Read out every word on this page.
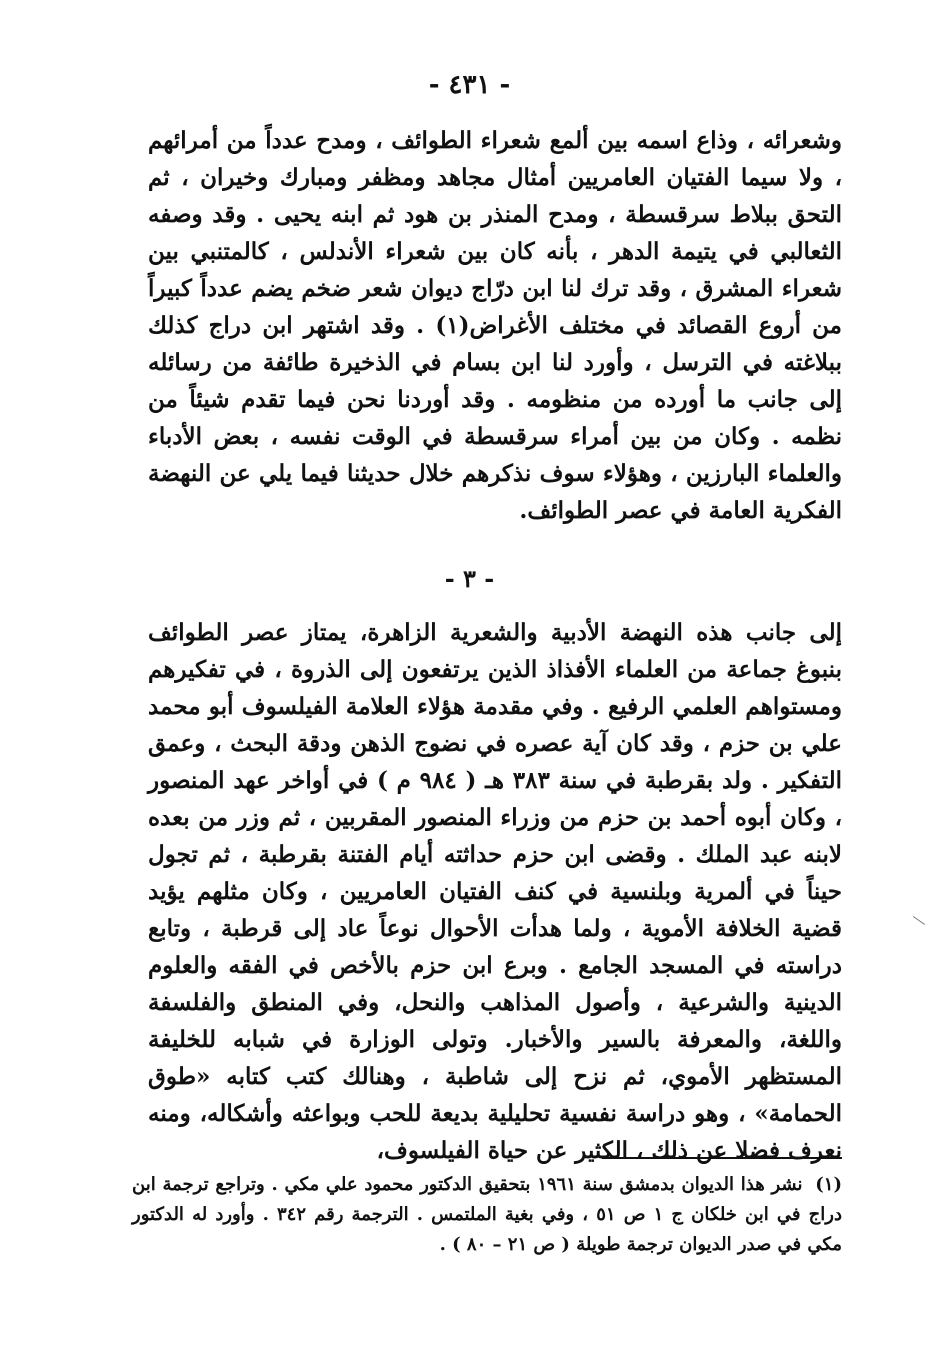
- ٤٣١ -
وشعرائه ، وذاع اسمه بين ألمع شعراء الطوائف ، ومدح عدداً من أمرائهم ، ولا سيما الفتيان العامريين أمثال مجاهد ومظفر ومبارك وخيران ، ثم التحق ببلاط سرقسطة ، ومدح المنذر بن هود ثم ابنه يحيى . وقد وصفه الثعالبي في يتيمة الدهر ، بأنه كان بين شعراء الأندلس ، كالمتنبي بين شعراء المشرق ، وقد ترك لنا ابن درّاج ديوان شعر ضخم يضم عدداً كبيراً من أروع القصائد في مختلف الأغراض(١) . وقد اشتهر ابن دراج كذلك ببلاغته في الترسل ، وأورد لنا ابن بسام في الذخيرة طائفة من رسائله إلى جانب ما أورده من منظومه . وقد أوردنا نحن فيما تقدم شيئاً من نظمه . وكان من بين أمراء سرقسطة في الوقت نفسه ، بعض الأدباء والعلماء البارزين ، وهؤلاء سوف نذكرهم خلال حديثنا فيما يلي عن النهضة الفكرية العامة في عصر الطوائف.
- ٣ -
إلى جانب هذه النهضة الأدبية والشعرية الزاهرة، يمتاز عصر الطوائف بنبوغ جماعة من العلماء الأفذاذ الذين يرتفعون إلى الذروة ، في تفكيرهم ومستواهم العلمي الرفيع . وفي مقدمة هؤلاء العلامة الفيلسوف أبو محمد علي بن حزم ، وقد كان آية عصره في نضوج الذهن ودقة البحث ، وعمق التفكير . ولد بقرطبة في سنة ٣٨٣ هـ ( ٩٨٤ م ) في أواخر عهد المنصور ، وكان أبوه أحمد بن حزم من وزراء المنصور المقربين ، ثم وزر من بعده لابنه عبد الملك . وقضى ابن حزم حداثته أيام الفتنة بقرطبة ، ثم تجول حيناً في ألمرية وبلنسية في كنف الفتيان العامريين ، وكان مثلهم يؤيد قضية الخلافة الأموية ، ولما هدأت الأحوال نوعاً عاد إلى قرطبة ، وتابع دراسته في المسجد الجامع . وبرع ابن حزم بالأخص في الفقه والعلوم الدينية والشرعية ، وأصول المذاهب والنحل، وفي المنطق والفلسفة واللغة، والمعرفة بالسير والأخبار. وتولى الوزارة في شبابه للخليفة المستظهر الأموي، ثم نزح إلى شاطبة ، وهنالك كتب كتابه «طوق الحمامة» ، وهو دراسة نفسية تحليلية بديعة للحب وبواعثه وأشكاله، ومنه نعرف فضلا عن ذلك ، الكثير عن حياة الفيلسوف،
(١) نشر هذا الديوان بدمشق سنة ١٩٦١ بتحقيق الدكتور محمود علي مكي . وتراجع ترجمة ابن دراج في ابن خلكان ج ١ ص ٥١ ، وفي بغية الملتمس . الترجمة رقم ٣٤٢ . وأورد له الدكتور مكي في صدر الديوان ترجمة طويلة ( ص ٢١ – ٨٠ ) .
